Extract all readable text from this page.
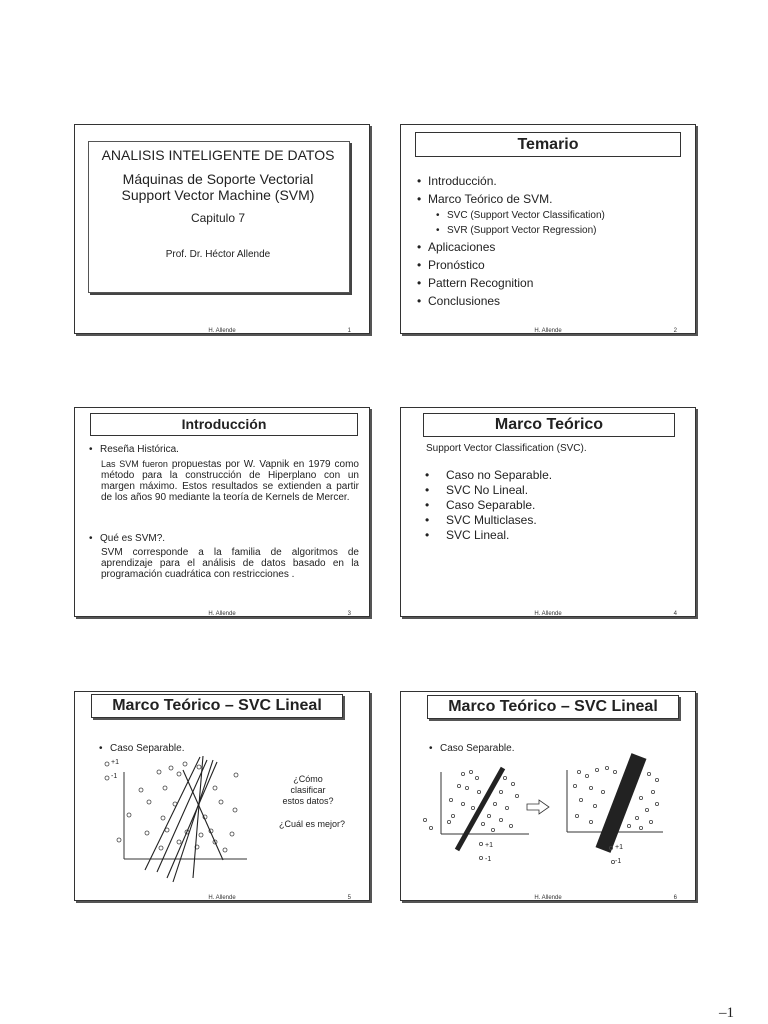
ANALISIS INTELIGENTE DE DATOS
Máquinas de Soporte Vectorial
Support Vector Machine (SVM)
Capitulo 7
Prof. Dr. Héctor Allende
H. Allende	1
Temario
• Introducción.
• Marco Teórico de SVM.
• SVC (Support Vector Classification)
• SVR (Support Vector Regression)
• Aplicaciones
• Pronóstico
• Pattern Recognition
• Conclusiones
H. Allende	2
Introducción
• Reseña Histórica.
Las SVM fueron propuestas por W. Vapnik en 1979 como método para la construcción de Hiperplano con un margen máximo. Estos resultados se extienden a partir de los años 90 mediante la teoría de Kernels de Mercer.
• Qué es SVM?.
SVM corresponde a la familia de algoritmos de aprendizaje para el análisis de datos basado en la programación cuadrática con restricciones .
H. Allende	3
Marco Teórico
Support Vector Classification (SVC).
• Caso no Separable.
• SVC No Lineal.
• Caso Separable.
• SVC Multiclases.
• SVC Lineal.
H. Allende	4
Marco Teórico – SVC Lineal
• Caso Separable.
+1
-1	¿Cómo clasificar estos datos?
¿Cuál es mejor?
H. Allende	5
Marco Teórico – SVC Lineal
• Caso Separable.
+1
-1
+1
-1
H. Allende	6
–1
